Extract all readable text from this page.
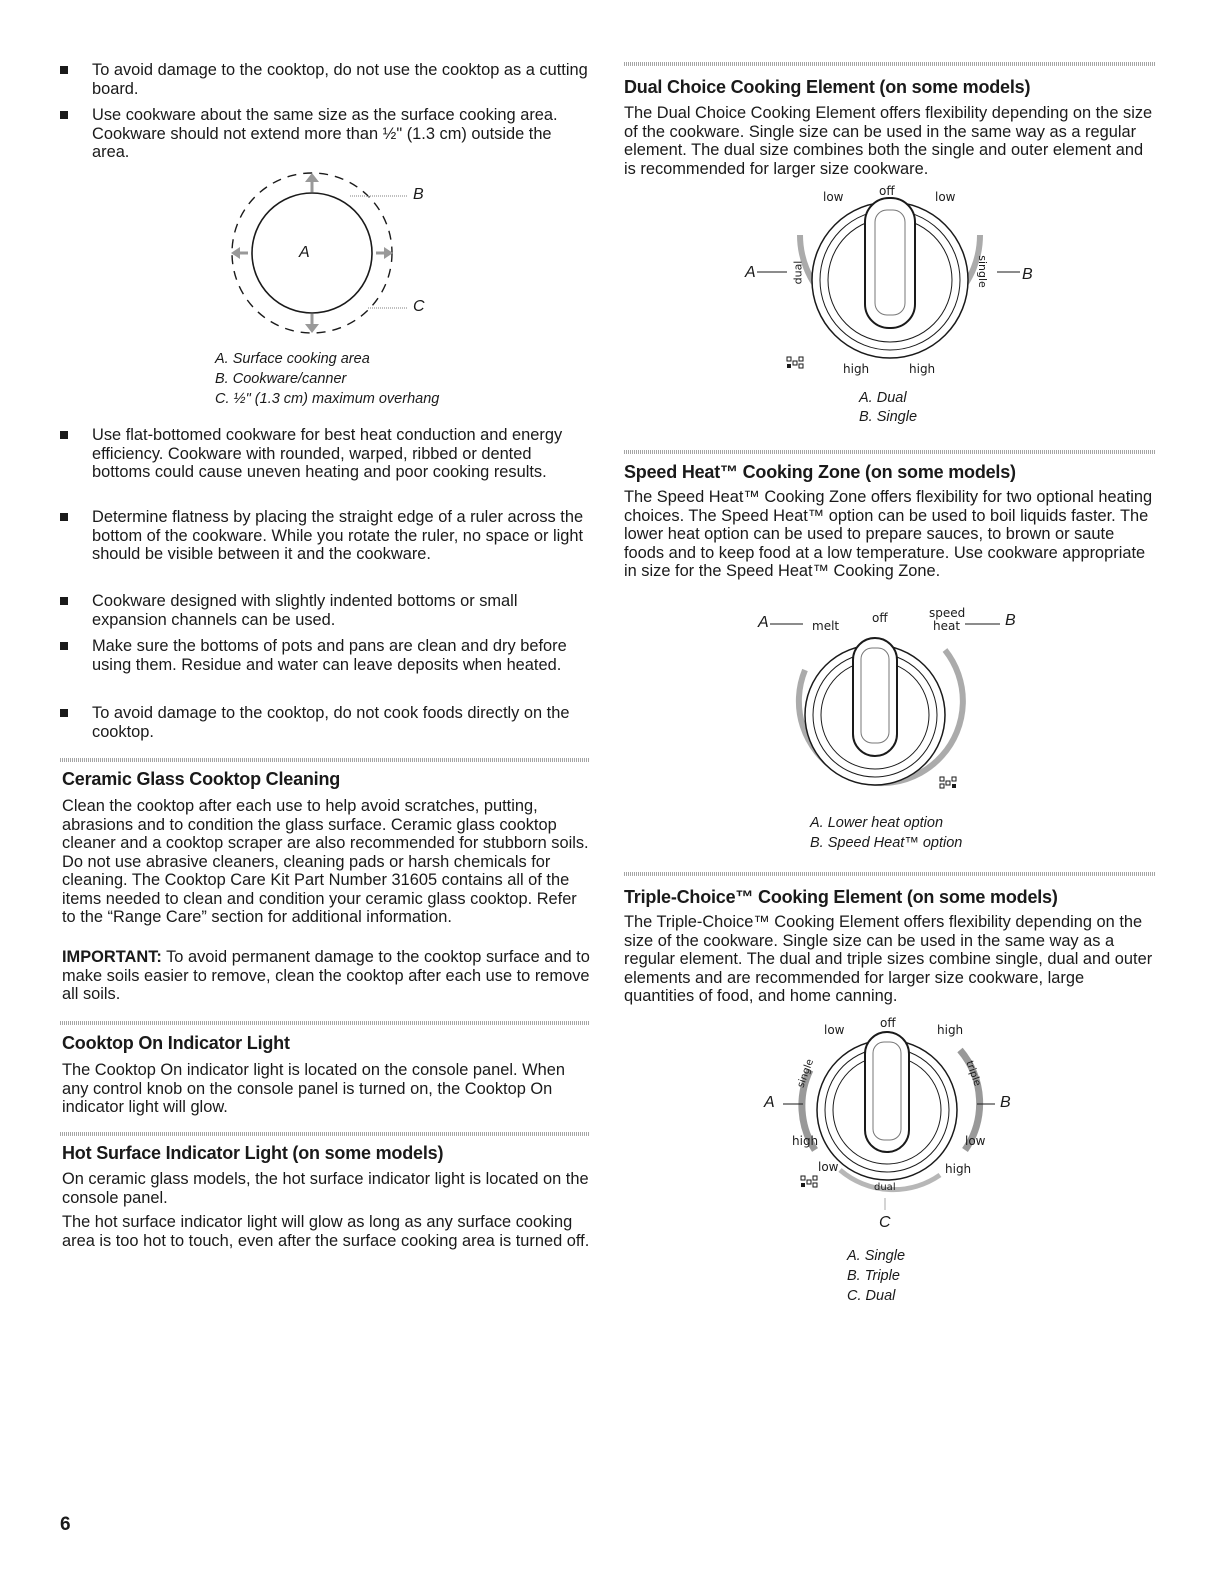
To avoid damage to the cooktop, do not use the cooktop as a cutting board.
Use cookware about the same size as the surface cooking area. Cookware should not extend more than ½" (1.3 cm) outside the area.
A
B
C

A. Surface cooking area

B. Cookware/canner

C. ½" (1.3 cm) maximum overhang

Use flat-bottomed cookware for best heat conduction and energy efficiency. Cookware with rounded, warped, ribbed or dented bottoms could cause uneven heating and poor cooking results.
Determine flatness by placing the straight edge of a ruler across the bottom of the cookware. While you rotate the ruler, no space or light should be visible between it and the cookware.
Cookware designed with slightly indented bottoms or small expansion channels can be used.
Make sure the bottoms of pots and pans are clean and dry before using them. Residue and water can leave deposits when heated.
To avoid damage to the cooktop, do not cook foods directly on the cooktop.
Ceramic Glass Cooktop Cleaning

Clean the cooktop after each use to help avoid scratches, putting, abrasions and to condition the glass surface. Ceramic glass cooktop cleaner and a cooktop scraper are also recommended for stubborn soils. Do not use abrasive cleaners, cleaning pads or harsh chemicals for cleaning. The Cooktop Care Kit Part Number 31605 contains all of the items needed to clean and condition your ceramic glass cooktop. Refer to the “Range Care” section for additional information.

IMPORTANT: To avoid permanent damage to the cooktop surface and to make soils easier to remove, clean the cooktop after each use to remove all soils.

Cooktop On Indicator Light

The Cooktop On indicator light is located on the console panel. When any control knob on the console panel is turned on, the Cooktop On indicator light will glow.

Hot Surface Indicator Light (on some models)

On ceramic glass models, the hot surface indicator light is located on the console panel.

The hot surface indicator light will glow as long as any surface cooking area is too hot to touch, even after the surface cooking area is turned off.

6
Dual Choice Cooking Element (on some models)

The Dual Choice Cooking Element offers flexibility depending on the size of the cookware. Single size can be used in the same way as a regular element. The dual size combines both the single and outer element and is recommended for larger size cookware.

low	off	low
dual	single
high	high
A	B

A. Dual

B. Single

Speed Heat™ Cooking Zone (on some models)

The Speed Heat™ Cooking Zone offers flexibility for two optional heating choices. The Speed Heat™ option can be used to boil liquids faster. The lower heat option can be used to prepare sauces, to brown or saute foods and to keep food at a low temperature. Use cookware appropriate in size for the Speed Heat™ Cooking Zone.

A	melt
off	speed
heat	B

A. Lower heat option

B. Speed Heat™ option

Triple-Choice™ Cooking Element (on some models)

The Triple-Choice™ Cooking Element offers flexibility depending on the size of the cookware. Single size can be used in the same way as a regular element. The dual and triple sizes combine single, dual and outer elements and are recommended for larger size cookware, large quantities of food, and home canning.

low	off	high
single	triple
A	B
high	low
low	high
dual
C

A. Single

B. Triple

C. Dual
